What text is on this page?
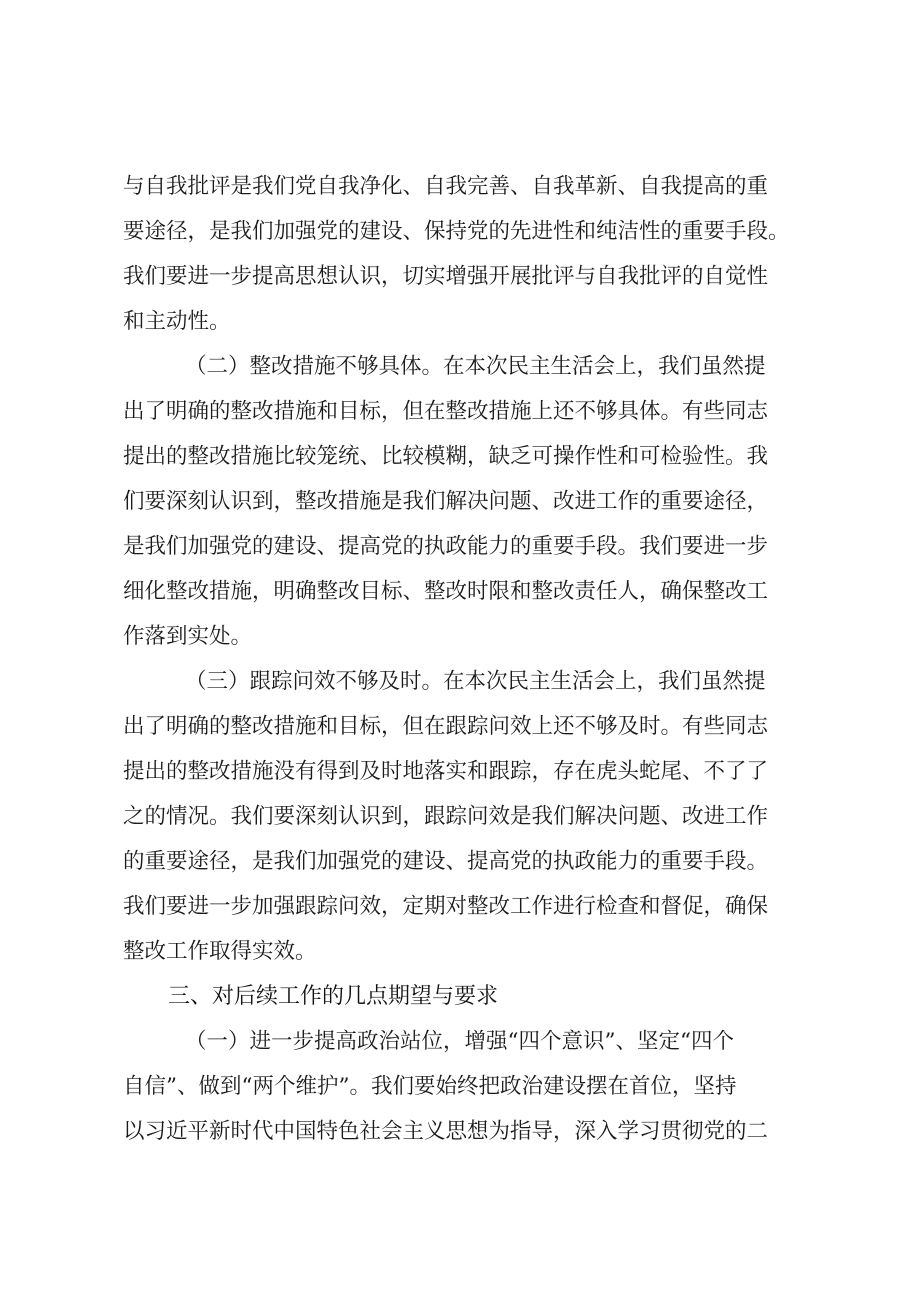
与自我批评是我们党自我净化、自我完善、自我革新、自我提高的重
要途径，是我们加强党的建设、保持党的先进性和纯洁性的重要手段。
我们要进一步提高思想认识，切实增强开展批评与自我批评的自觉性
和主动性。
（二）整改措施不够具体。在本次民主生活会上，我们虽然提
出了明确的整改措施和目标，但在整改措施上还不够具体。有些同志
提出的整改措施比较笼统、比较模糊，缺乏可操作性和可检验性。我
们要深刻认识到，整改措施是我们解决问题、改进工作的重要途径，
是我们加强党的建设、提高党的执政能力的重要手段。我们要进一步
细化整改措施，明确整改目标、整改时限和整改责任人，确保整改工
作落到实处。
（三）跟踪问效不够及时。在本次民主生活会上，我们虽然提
出了明确的整改措施和目标，但在跟踪问效上还不够及时。有些同志
提出的整改措施没有得到及时地落实和跟踪，存在虎头蛇尾、不了了
之的情况。我们要深刻认识到，跟踪问效是我们解决问题、改进工作
的重要途径，是我们加强党的建设、提高党的执政能力的重要手段。
我们要进一步加强跟踪问效，定期对整改工作进行检查和督促，确保
整改工作取得实效。
三、对后续工作的几点期望与要求
（一）进一步提高政治站位，增强“四个意识”、坚定“四个
自信”、做到“两个维护”。我们要始终把政治建设摆在首位，坚持
以习近平新时代中国特色社会主义思想为指导，深入学习贯彻党的二
